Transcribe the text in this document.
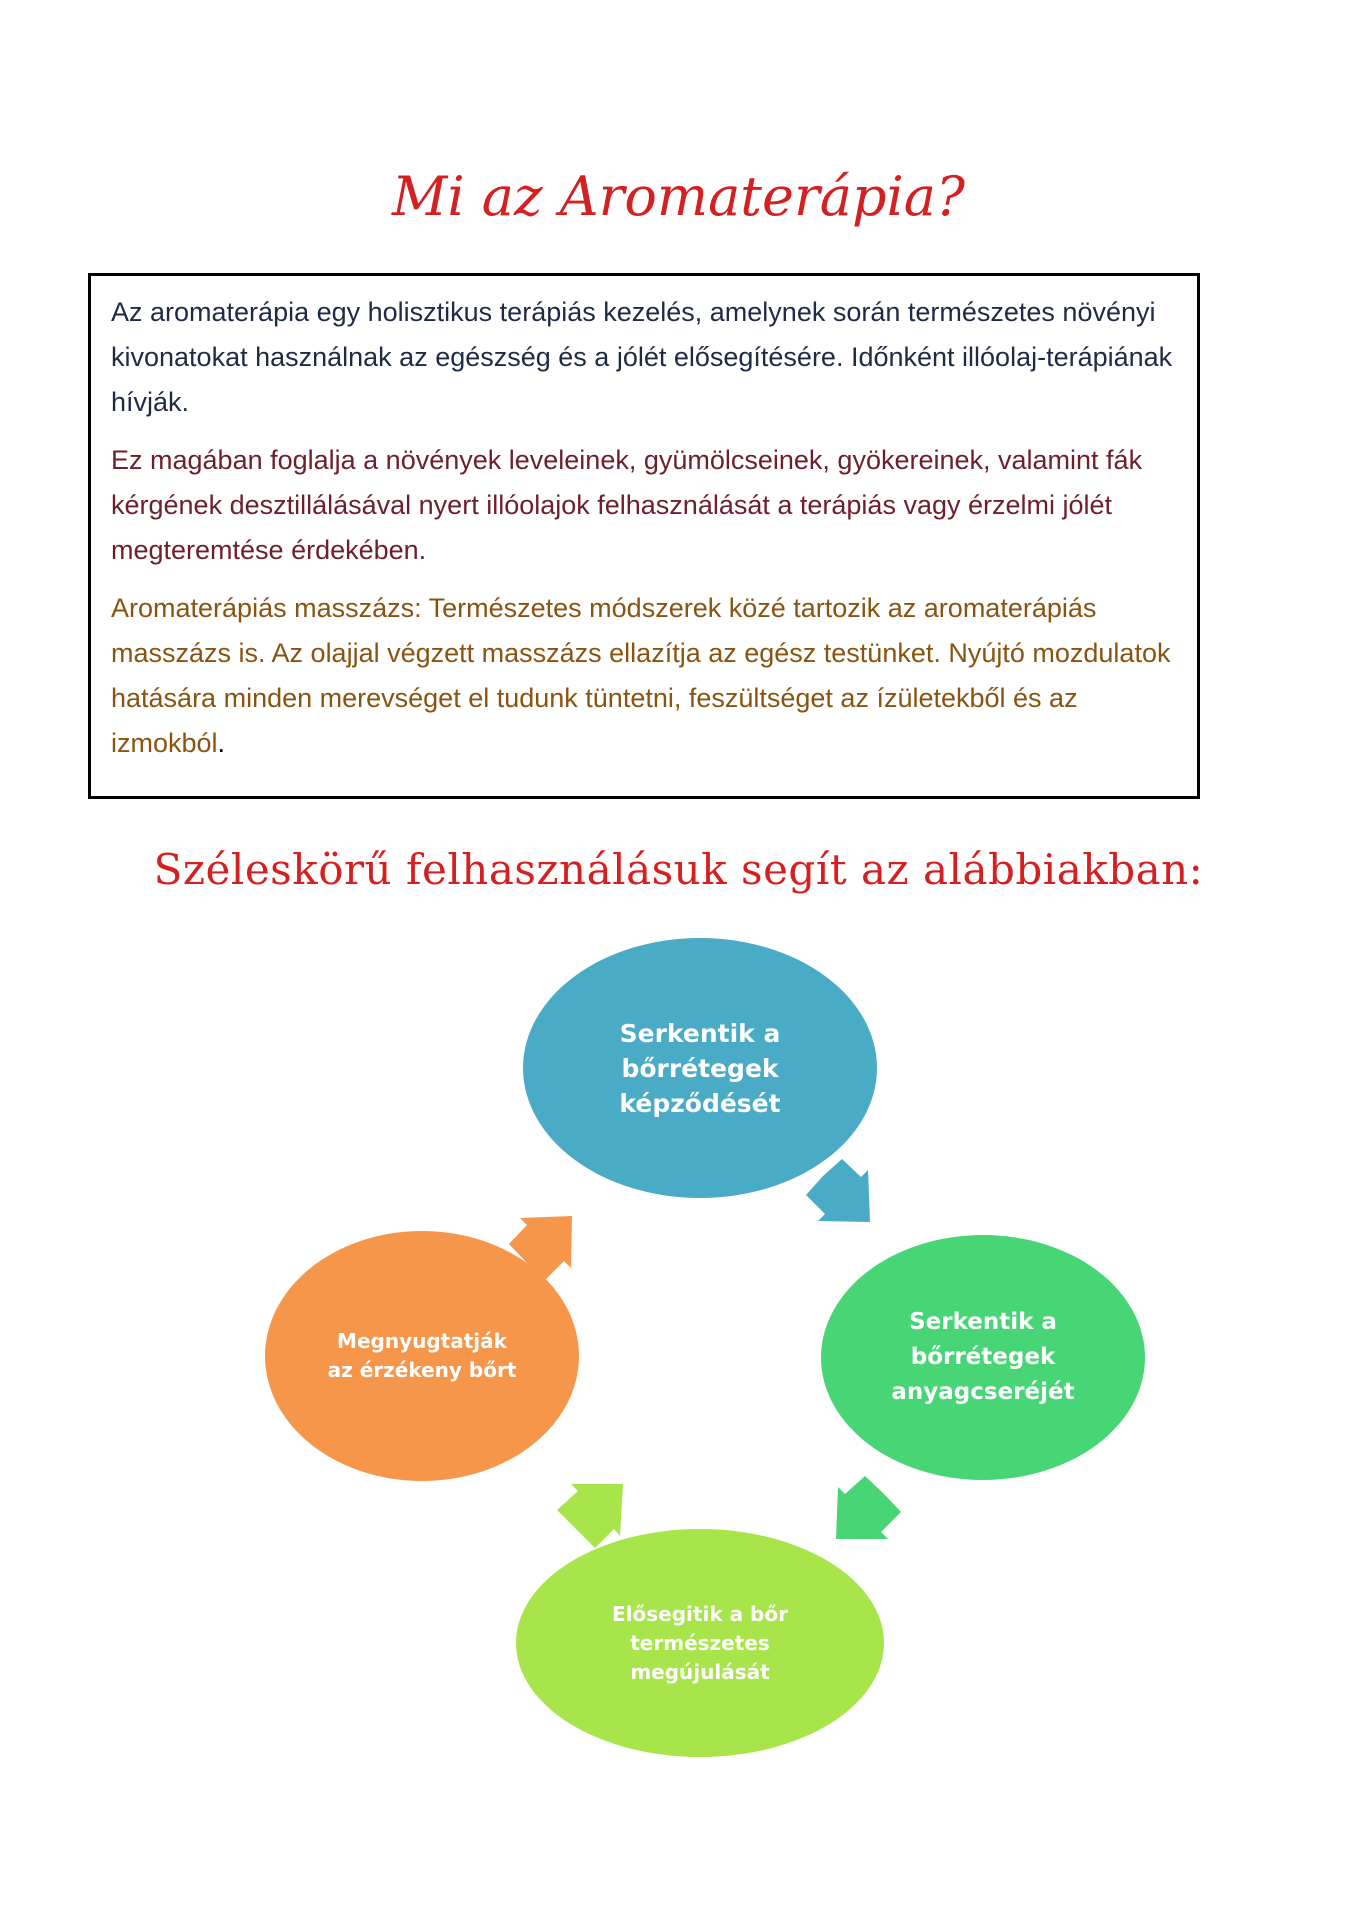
Mi az Aromaterápia?

Az aromaterápia egy holisztikus terápiás kezelés, amelynek során természetes növényi kivonatokat használnak az egészség és a jólét elősegítésére. Időnként illóolaj-terápiának hívják.

Ez magában foglalja a növények leveleinek, gyümölcseinek, gyökereinek, valamint fák kérgének desztillálásával nyert illóolajok felhasználását a terápiás vagy érzelmi jólét megteremtése érdekében.

Aromaterápiás masszázs: Természetes módszerek közé tartozik az aromaterápiás masszázs is. Az olajjal végzett masszázs ellazítja az egész testünket. Nyújtó mozdulatok hatására minden merevséget el tudunk tüntetni, feszültséget az ízületekből és az izmokból.

Széleskörű felhasználásuk segít az alábbiakban:
Serkentik a
bőrrétegek
képződését
Serkentik a
bőrrétegek
anyagcseréjét
Elősegitik a bőr
természetes
megújulását
Megnyugtatják
az érzékeny bőrt
